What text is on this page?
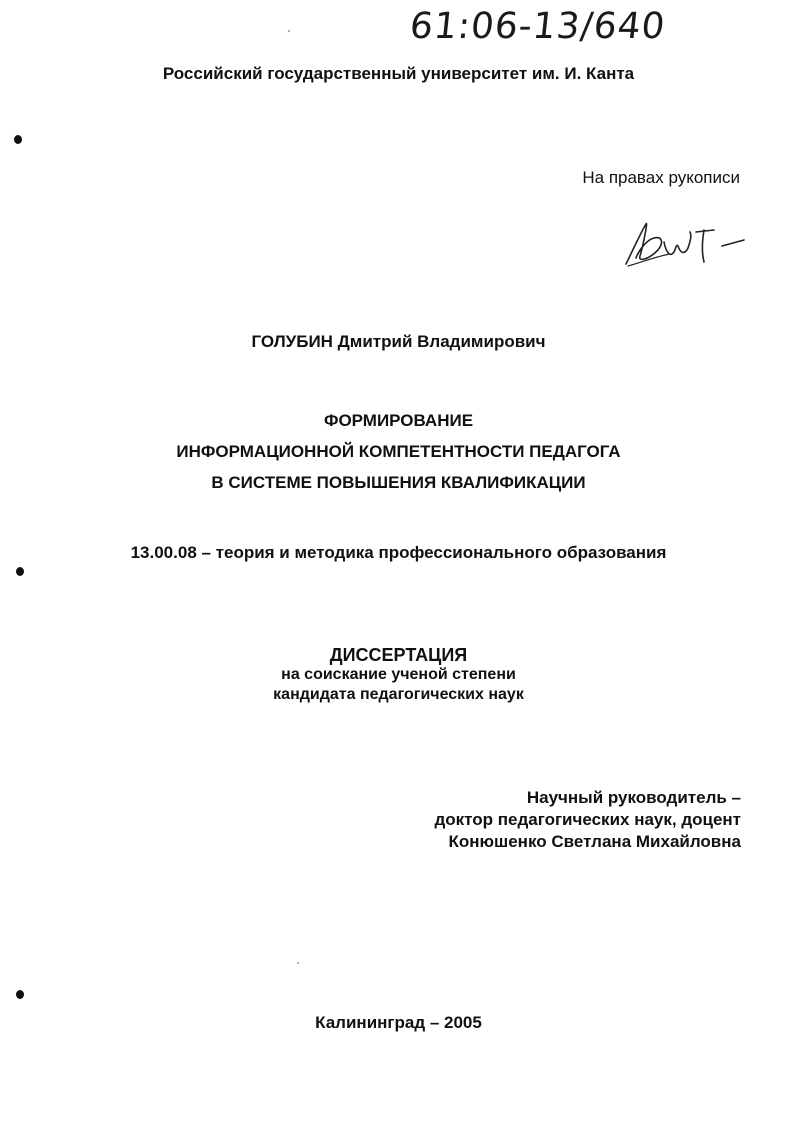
61:06-13/640
Российский государственный университет им. И. Канта
На правах рукописи
ГОЛУБИН Дмитрий Владимирович
ФОРМИРОВАНИЕ
ИНФОРМАЦИОННОЙ КОМПЕТЕНТНОСТИ ПЕДАГОГА
В СИСТЕМЕ ПОВЫШЕНИЯ КВАЛИФИКАЦИИ
13.00.08 – теория и методика профессионального образования
ДИССЕРТАЦИЯ
на соискание ученой степени
кандидата педагогических наук
Научный руководитель –
доктор педагогических наук, доцент
Конюшенко Светлана Михайловна
Калининград – 2005
